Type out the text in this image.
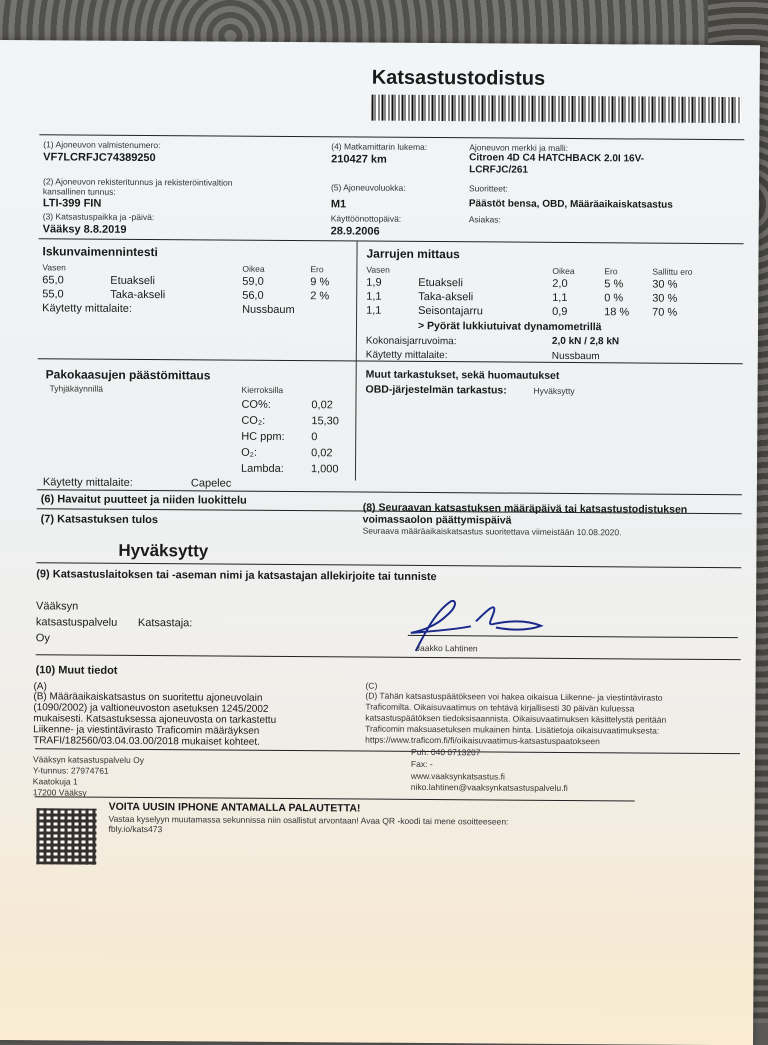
Katsastustodistus
(1) Ajoneuvon valmistenumero:
VF7LCRFJC74389250
(4) Matkamittarin lukema:
210427 km
Ajoneuvon merkki ja malli:
Citroen 4D C4 HATCHBACK 2.0I 16V-
LCRFJC/261
(2) Ajoneuvon rekisteritunnus ja rekisteröintivaltion
kansallinen tunnus:
LTI-399 FIN
(5) Ajoneuvoluokka:
M1
Suoritteet:
Päästöt bensa, OBD, Määräaikaiskatsastus
(3) Katsastuspaikka ja -päivä:
Vääksy 8.8.2019
Käyttöönottopäivä:
28.9.2006
Asiakas:
Iskunvaimennintesti
Vasen	Oikea	Ero
65,0	Etuakseli	59,0	9 %
55,0	Taka-akseli	56,0	2 %
Käytetty mittalaite:	Nussbaum
Jarrujen mittaus
Vasen	Oikea	Ero	Sallittu ero
1,9	Etuakseli	2,0	5 %	30 %
1,1	Taka-akseli	1,1	0 %	30 %
1,1	Seisontajarru	0,9	18 % 70 %
> Pyörät lukkiutuivat dynamometrillä
Kokonaisjarruvoima:	2,0 kN / 2,8 kN
Käytetty mittalaite:	Nussbaum
Pakokaasujen päästömittaus
Tyhjäkäynnillä	Kierroksilla
CO%:	0,02
CO₂:	15,30
HC ppm: 0
O₂:	0,02
Lambda: 1,000
Käytetty mittalaite:	Capelec
Muut tarkastukset, sekä huomautukset
OBD-järjestelmän tarkastus:	Hyväksytty
(6) Havaitut puutteet ja niiden luokittelu
(7) Katsastuksen tulos
(8) Seuraavan katsastuksen määräpäivä tai katsastustodistuksen
voimassaolon päättymispäivä
Seuraava määräaikaiskatsastus suoritettava viimeistään 10.08.2020.
Hyväksytty
(9) Katsastuslaitoksen tai -aseman nimi ja katsastajan allekirjoite tai tunniste
Vääksyn
katsastuspalvelu
Oy
Katsastaja:
Jaakko Lahtinen
(10) Muut tiedot
(A)
(B) Määräaikaiskatsastus on suoritettu ajoneuvolain
(1090/2002) ja valtioneuvoston asetuksen 1245/2002
mukaisesti. Katsastuksessa ajoneuvosta on tarkastettu
Liikenne- ja viestintävirasto Traficomin määräyksen
TRAFI/182560/03.04.03.00/2018 mukaiset kohteet.
(C)
(D) Tähän katsastuspäätökseen voi hakea oikaisua Liikenne- ja viestintävirasto
Traficomilta. Oikaisuvaatimus on tehtävä kirjallisesti 30 päivän kuluessa
katsastuspäätöksen tiedoksisaannista. Oikaisuvaatimuksen käsittelystä peritään
Traficomin maksuasetuksen mukainen hinta. Lisätietoja oikaisuvaatimuksesta:
https://www.traficom.fi/fi/oikaisuvaatimus-katsastuspaatokseen
Vääksyn katsastuspalvelu Oy
Y-tunnus: 27974761
Kaatokuja 1
17200 Vääksy
Puh: 040 0713207
Fax: -
www.vaaksynkatsastus.fi
niko.lahtinen@vaaksynkatsastuspalvelu.fi
VOITA UUSIN IPHONE ANTAMALLA PALAUTETTA!
Vastaa kyselyyn muutamassa sekunnissa niin osallistut arvontaan! Avaa QR -koodi tai mene osoitteeseen:
fbly.io/kats473
